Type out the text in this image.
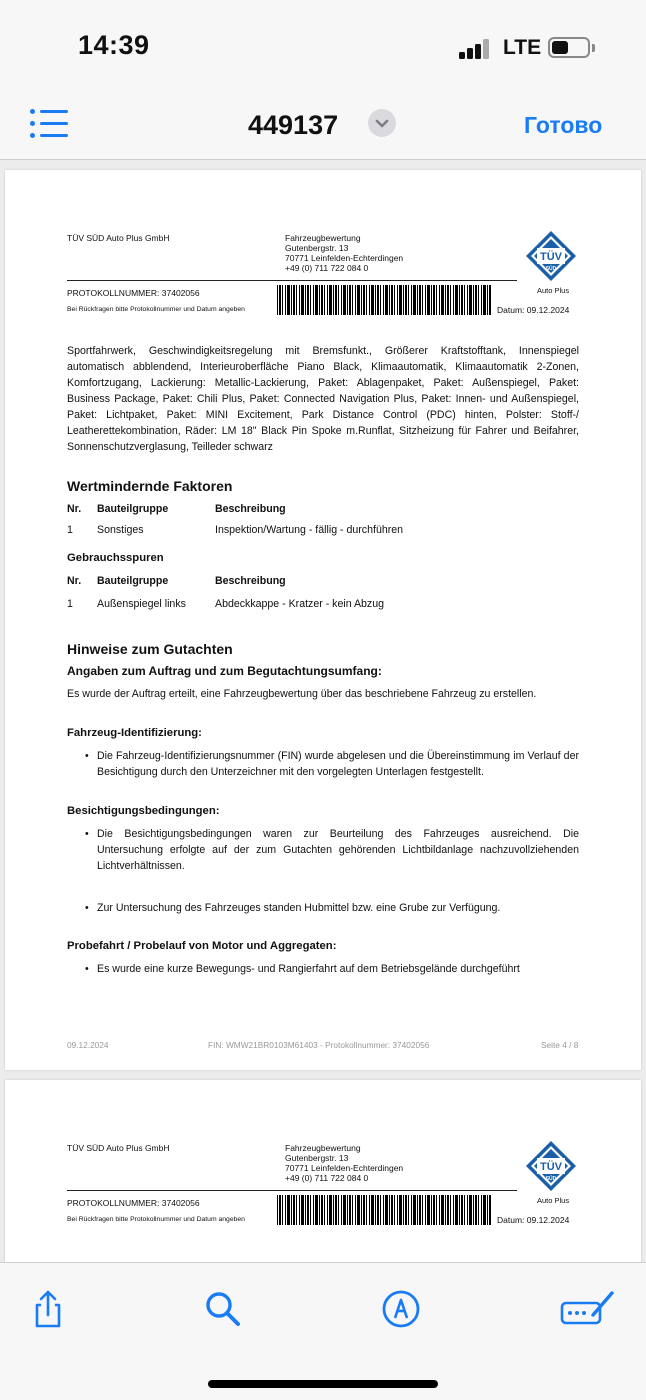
14:39	LTE
449137	Готово
TÜV SÜD Auto Plus GmbH	Fahrzeugbewertung
Gutenbergstr. 13
70771 Leinfelden-Echterdingen
+49 (0) 711 722 084 0
TÜV
SÜD
Auto Plus
PROTOKOLLNUMMER: 37402056
Bei Rückfragen bitte Protokollnummer und Datum angeben	Datum: 09.12.2024
Sportfahrwerk, Geschwindigkeitsregelung mit Bremsfunkt., Größerer Kraftstofftank, Innenspiegel automatisch abblendend, Interieuroberfläche Piano Black, Klimaautomatik, Klimaautomatik 2-Zonen, Komfortzugang, Lackierung: Metallic-Lackierung, Paket: Ablagenpaket, Paket: Außenspiegel, Paket: Business Package, Paket: Chili Plus, Paket: Connected Navigation Plus, Paket: Innen- und Außenspiegel, Paket: Lichtpaket, Paket: MINI Excitement, Park Distance Control (PDC) hinten, Polster: Stoff-/ Leatherettekombination, Räder: LM 18" Black Pin Spoke m.Runflat, Sitzheizung für Fahrer und Beifahrer, Sonnenschutzverglasung, Teilleder schwarz
Wertmindernde Faktoren
Nr. Bauteilgruppe	Beschreibung
1 Sonstiges	Inspektion/Wartung - fällig - durchführen
Gebrauchsspuren
Nr. Bauteilgruppe	Beschreibung
1 Außenspiegel links	Abdeckkappe - Kratzer - kein Abzug
Hinweise zum Gutachten
Angaben zum Auftrag und zum Begutachtungsumfang:
Es wurde der Auftrag erteilt, eine Fahrzeugbewertung über das beschriebene Fahrzeug zu erstellen.
Fahrzeug-Identifizierung:
• Die Fahrzeug-Identifizierungsnummer (FIN) wurde abgelesen und die Übereinstimmung im Verlauf der Besichtigung durch den Unterzeichner mit den vorgelegten Unterlagen festgestellt.
Besichtigungsbedingungen:
• Die Besichtigungsbedingungen waren zur Beurteilung des Fahrzeuges ausreichend. Die Untersuchung erfolgte auf der zum Gutachten gehörenden Lichtbildanlage nachzuvollziehenden Lichtverhältnissen.
• Zur Untersuchung des Fahrzeuges standen Hubmittel bzw. eine Grube zur Verfügung.
Probefahrt / Probelauf von Motor und Aggregaten:
• Es wurde eine kurze Bewegungs- und Rangierfahrt auf dem Betriebsgelände durchgeführt
09.12.2024	FIN: WMW21BR0103M61403 - Protokollnummer: 37402056	Seite 4 / 8
TÜV SÜD Auto Plus GmbH	Fahrzeugbewertung
Gutenbergstr. 13
70771 Leinfelden-Echterdingen
+49 (0) 711 722 084 0
TÜV
SÜD
Auto Plus
PROTOKOLLNUMMER: 37402056
Bei Rückfragen bitte Protokollnummer und Datum angeben	Datum: 09.12.2024
